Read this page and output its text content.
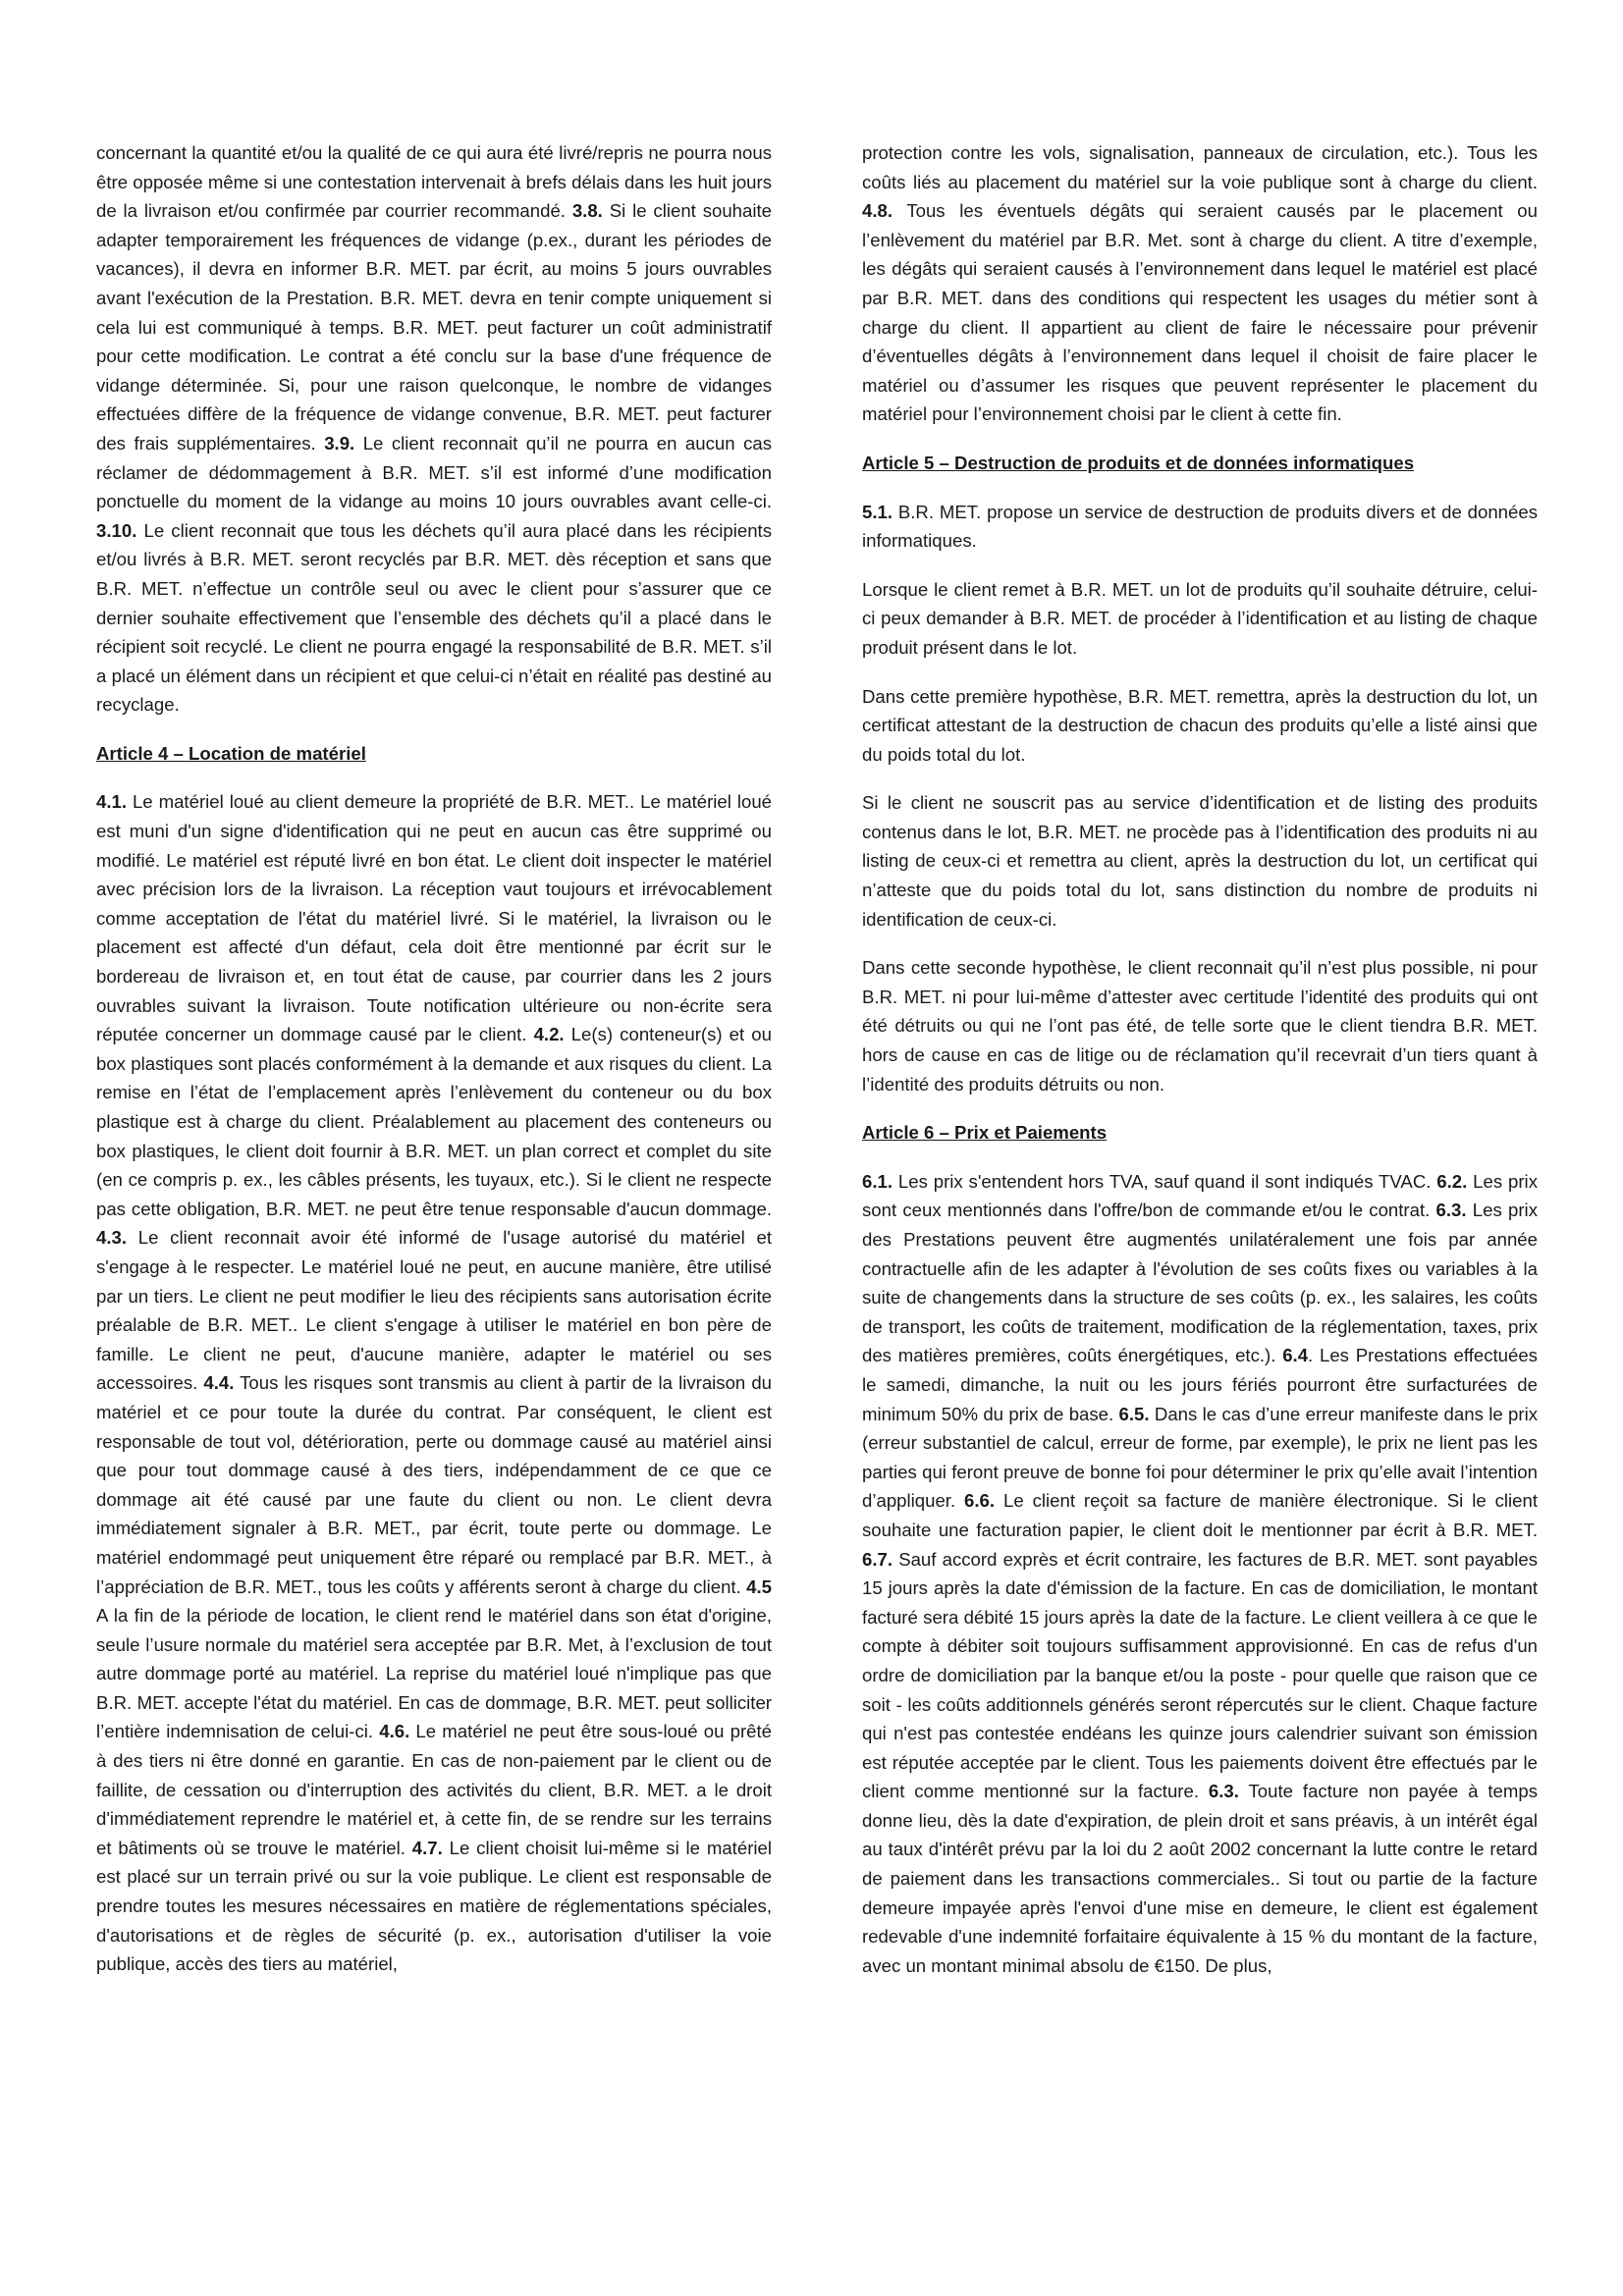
concernant la quantité et/ou la qualité de ce qui aura été livré/repris ne pourra nous être opposée même si une contestation intervenait à brefs délais dans les huit jours de la livraison et/ou confirmée par courrier recommandé. 3.8. Si le client souhaite adapter temporairement les fréquences de vidange (p.ex., durant les périodes de vacances), il devra en informer B.R. MET. par écrit, au moins 5 jours ouvrables avant l'exécution de la Prestation. B.R. MET. devra en tenir compte uniquement si cela lui est communiqué à temps. B.R. MET. peut facturer un coût administratif pour cette modification. Le contrat a été conclu sur la base d'une fréquence de vidange déterminée. Si, pour une raison quelconque, le nombre de vidanges effectuées diffère de la fréquence de vidange convenue, B.R. MET. peut facturer des frais supplémentaires. 3.9. Le client reconnait qu’il ne pourra en aucun cas réclamer de dédommagement à B.R. MET. s’il est informé d’une modification ponctuelle du moment de la vidange au moins 10 jours ouvrables avant celle-ci. 3.10. Le client reconnait que tous les déchets qu’il aura placé dans les récipients et/ou livrés à B.R. MET. seront recyclés par B.R. MET. dès réception et sans que B.R. MET. n’effectue un contrôle seul ou avec le client pour s’assurer que ce dernier souhaite effectivement que l’ensemble des déchets qu’il a placé dans le récipient soit recyclé. Le client ne pourra engagé la responsabilité de B.R. MET. s’il a placé un élément dans un récipient et que celui-ci n’était en réalité pas destiné au recyclage.

Article 4 – Location de matériel

4.1. Le matériel loué au client demeure la propriété de B.R. MET.. Le matériel loué est muni d'un signe d'identification qui ne peut en aucun cas être supprimé ou modifié. Le matériel est réputé livré en bon état. Le client doit inspecter le matériel avec précision lors de la livraison. La réception vaut toujours et irrévocablement comme acceptation de l'état du matériel livré. Si le matériel, la livraison ou le placement est affecté d'un défaut, cela doit être mentionné par écrit sur le bordereau de livraison et, en tout état de cause, par courrier dans les 2 jours ouvrables suivant la livraison. Toute notification ultérieure ou non-écrite sera réputée concerner un dommage causé par le client. 4.2. Le(s) conteneur(s) et ou box plastiques sont placés conformément à la demande et aux risques du client. La remise en l’état de l’emplacement après l’enlèvement du conteneur ou du box plastique est à charge du client. Préalablement au placement des conteneurs ou box plastiques, le client doit fournir à B.R. MET. un plan correct et complet du site (en ce compris p. ex., les câbles présents, les tuyaux, etc.). Si le client ne respecte pas cette obligation, B.R. MET. ne peut être tenue responsable d'aucun dommage. 4.3. Le client reconnait avoir été informé de l'usage autorisé du matériel et s'engage à le respecter. Le matériel loué ne peut, en aucune manière, être utilisé par un tiers. Le client ne peut modifier le lieu des récipients sans autorisation écrite préalable de B.R. MET.. Le client s'engage à utiliser le matériel en bon père de famille. Le client ne peut, d'aucune manière, adapter le matériel ou ses accessoires. 4.4. Tous les risques sont transmis au client à partir de la livraison du matériel et ce pour toute la durée du contrat. Par conséquent, le client est responsable de tout vol, détérioration, perte ou dommage causé au matériel ainsi que pour tout dommage causé à des tiers, indépendamment de ce que ce dommage ait été causé par une faute du client ou non. Le client devra immédiatement signaler à B.R. MET., par écrit, toute perte ou dommage. Le matériel endommagé peut uniquement être réparé ou remplacé par B.R. MET., à l’appréciation de B.R. MET., tous les coûts y afférents seront à charge du client. 4.5 A la fin de la période de location, le client rend le matériel dans son état d'origine, seule l’usure normale du matériel sera acceptée par B.R. Met, à l’exclusion de tout autre dommage porté au matériel. La reprise du matériel loué n'implique pas que B.R. MET. accepte l'état du matériel. En cas de dommage, B.R. MET. peut solliciter l’entière indemnisation de celui-ci. 4.6. Le matériel ne peut être sous-loué ou prêté à des tiers ni être donné en garantie. En cas de non-paiement par le client ou de faillite, de cessation ou d'interruption des activités du client, B.R. MET. a le droit d'immédiatement reprendre le matériel et, à cette fin, de se rendre sur les terrains et bâtiments où se trouve le matériel. 4.7. Le client choisit lui-même si le matériel est placé sur un terrain privé ou sur la voie publique. Le client est responsable de prendre toutes les mesures nécessaires en matière de réglementations spéciales, d'autorisations et de règles de sécurité (p. ex., autorisation d'utiliser la voie publique, accès des tiers au matériel,

protection contre les vols, signalisation, panneaux de circulation, etc.). Tous les coûts liés au placement du matériel sur la voie publique sont à charge du client. 4.8. Tous les éventuels dégâts qui seraient causés par le placement ou l’enlèvement du matériel par B.R. Met. sont à charge du client. A titre d’exemple, les dégâts qui seraient causés à l’environnement dans lequel le matériel est placé par B.R. MET. dans des conditions qui respectent les usages du métier sont à charge du client. Il appartient au client de faire le nécessaire pour prévenir d’éventuelles dégâts à l’environnement dans lequel il choisit de faire placer le matériel ou d’assumer les risques que peuvent représenter le placement du matériel pour l’environnement choisi par le client à cette fin.

Article 5 – Destruction de produits et de données informatiques

5.1. B.R. MET. propose un service de destruction de produits divers et de données informatiques.

Lorsque le client remet à B.R. MET. un lot de produits qu’il souhaite détruire, celui-ci peux demander à B.R. MET. de procéder à l’identification et au listing de chaque produit présent dans le lot.

Dans cette première hypothèse, B.R. MET. remettra, après la destruction du lot, un certificat attestant de la destruction de chacun des produits qu’elle a listé ainsi que du poids total du lot.

Si le client ne souscrit pas au service d’identification et de listing des produits contenus dans le lot, B.R. MET. ne procède pas à l’identification des produits ni au listing de ceux-ci et remettra au client, après la destruction du lot, un certificat qui n’atteste que du poids total du lot, sans distinction du nombre de produits ni identification de ceux-ci.

Dans cette seconde hypothèse, le client reconnait qu’il n’est plus possible, ni pour B.R. MET. ni pour lui-même d’attester avec certitude l’identité des produits qui ont été détruits ou qui ne l’ont pas été, de telle sorte que le client tiendra B.R. MET. hors de cause en cas de litige ou de réclamation qu’il recevrait d’un tiers quant à l’identité des produits détruits ou non.

Article 6 – Prix et Paiements

6.1. Les prix s'entendent hors TVA, sauf quand il sont indiqués TVAC. 6.2. Les prix sont ceux mentionnés dans l'offre/bon de commande et/ou le contrat. 6.3. Les prix des Prestations peuvent être augmentés unilatéralement une fois par année contractuelle afin de les adapter à l'évolution de ses coûts fixes ou variables à la suite de changements dans la structure de ses coûts (p. ex., les salaires, les coûts de transport, les coûts de traitement, modification de la réglementation, taxes, prix des matières premières, coûts énergétiques, etc.). 6.4. Les Prestations effectuées le samedi, dimanche, la nuit ou les jours fériés pourront être surfacturées de minimum 50% du prix de base. 6.5. Dans le cas d’une erreur manifeste dans le prix (erreur substantiel de calcul, erreur de forme, par exemple), le prix ne lient pas les parties qui feront preuve de bonne foi pour déterminer le prix qu’elle avait l’intention d’appliquer. 6.6. Le client reçoit sa facture de manière électronique. Si le client souhaite une facturation papier, le client doit le mentionner par écrit à B.R. MET. 6.7. Sauf accord exprès et écrit contraire, les factures de B.R. MET. sont payables 15 jours après la date d'émission de la facture. En cas de domiciliation, le montant facturé sera débité 15 jours après la date de la facture. Le client veillera à ce que le compte à débiter soit toujours suffisamment approvisionné. En cas de refus d'un ordre de domiciliation par la banque et/ou la poste - pour quelle que raison que ce soit - les coûts additionnels générés seront répercutés sur le client. Chaque facture qui n'est pas contestée endéans les quinze jours calendrier suivant son émission est réputée acceptée par le client. Tous les paiements doivent être effectués par le client comme mentionné sur la facture. 6.3. Toute facture non payée à temps donne lieu, dès la date d'expiration, de plein droit et sans préavis, à un intérêt égal au taux d'intérêt prévu par la loi du 2 août 2002 concernant la lutte contre le retard de paiement dans les transactions commerciales.. Si tout ou partie de la facture demeure impayée après l'envoi d'une mise en demeure, le client est également redevable d'une indemnité forfaitaire équivalente à 15 % du montant de la facture, avec un montant minimal absolu de €150. De plus,
